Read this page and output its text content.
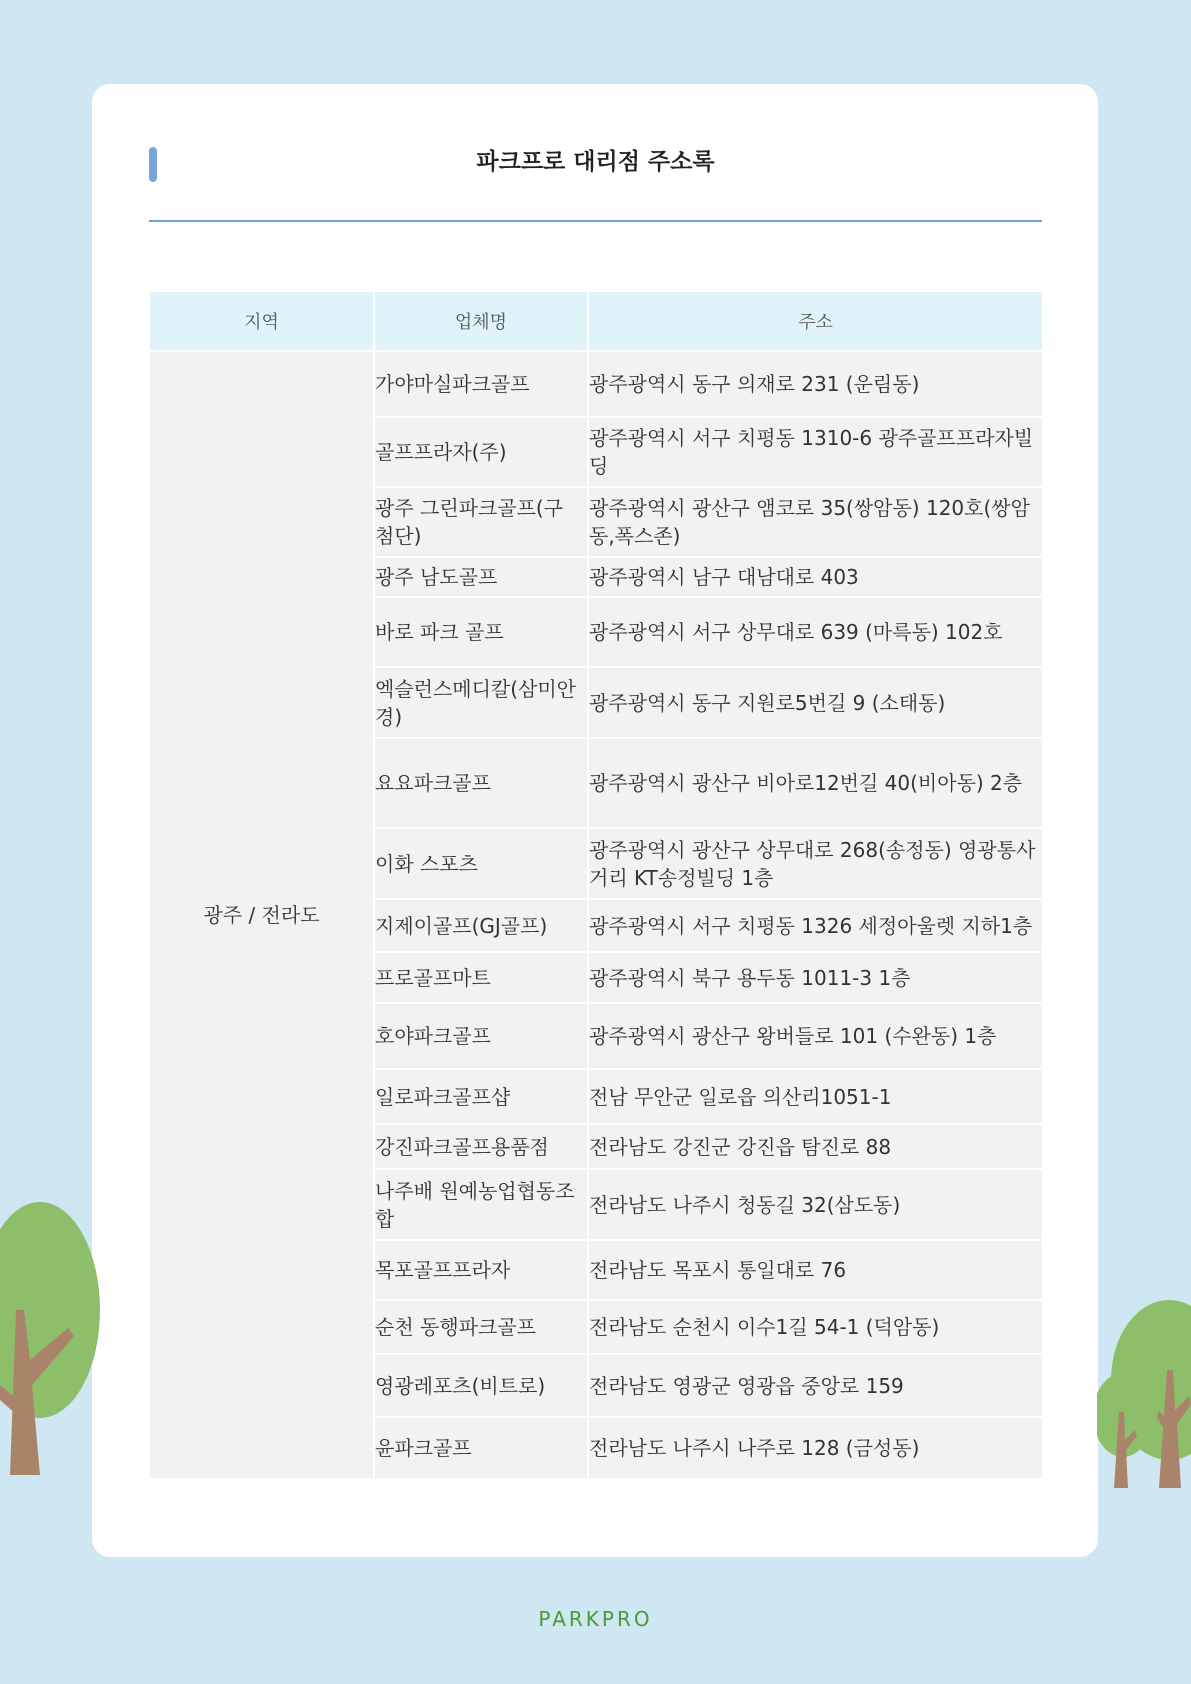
파크프로 대리점 주소록
지역	업체명	주소
광주 / 전라도	가야마실파크골프	광주광역시 동구 의재로 231 (운림동)
	골프프라자(주)	광주광역시 서구 치평동 1310-6 광주골프프라자빌딩
	광주 그린파크골프(구 첨단)	광주광역시 광산구 앰코로 35(쌍암동) 120호(쌍암동,폭스존)
	광주 남도골프	광주광역시 남구 대남대로 403
	바로 파크 골프	광주광역시 서구 상무대로 639 (마륵동) 102호
	엑슬런스메디칼(삼미안경)	광주광역시 동구 지원로5번길 9 (소태동)
	요요파크골프	광주광역시 광산구 비아로12번길 40(비아동) 2층
	이화 스포츠	광주광역시 광산구 상무대로 268(송정동) 영광통사거리 KT송정빌딩 1층
	지제이골프(GJ골프)	광주광역시 서구 치평동 1326 세정아울렛 지하1층
	프로골프마트	광주광역시 북구 용두동 1011-3 1층
	호야파크골프	광주광역시 광산구 왕버들로 101 (수완동) 1층
	일로파크골프샵	전남 무안군 일로읍 의산리1051-1
	강진파크골프용품점	전라남도 강진군 강진읍 탐진로 88
	나주배 원예농업협동조합	전라남도 나주시 청동길 32(삼도동)
	목포골프프라자	전라남도 목포시 통일대로 76
	순천 동행파크골프	전라남도 순천시 이수1길 54-1 (덕암동)
	영광레포츠(비트로)	전라남도 영광군 영광읍 중앙로 159
	윤파크골프	전라남도 나주시 나주로 128 (금성동)
PARKPRO
